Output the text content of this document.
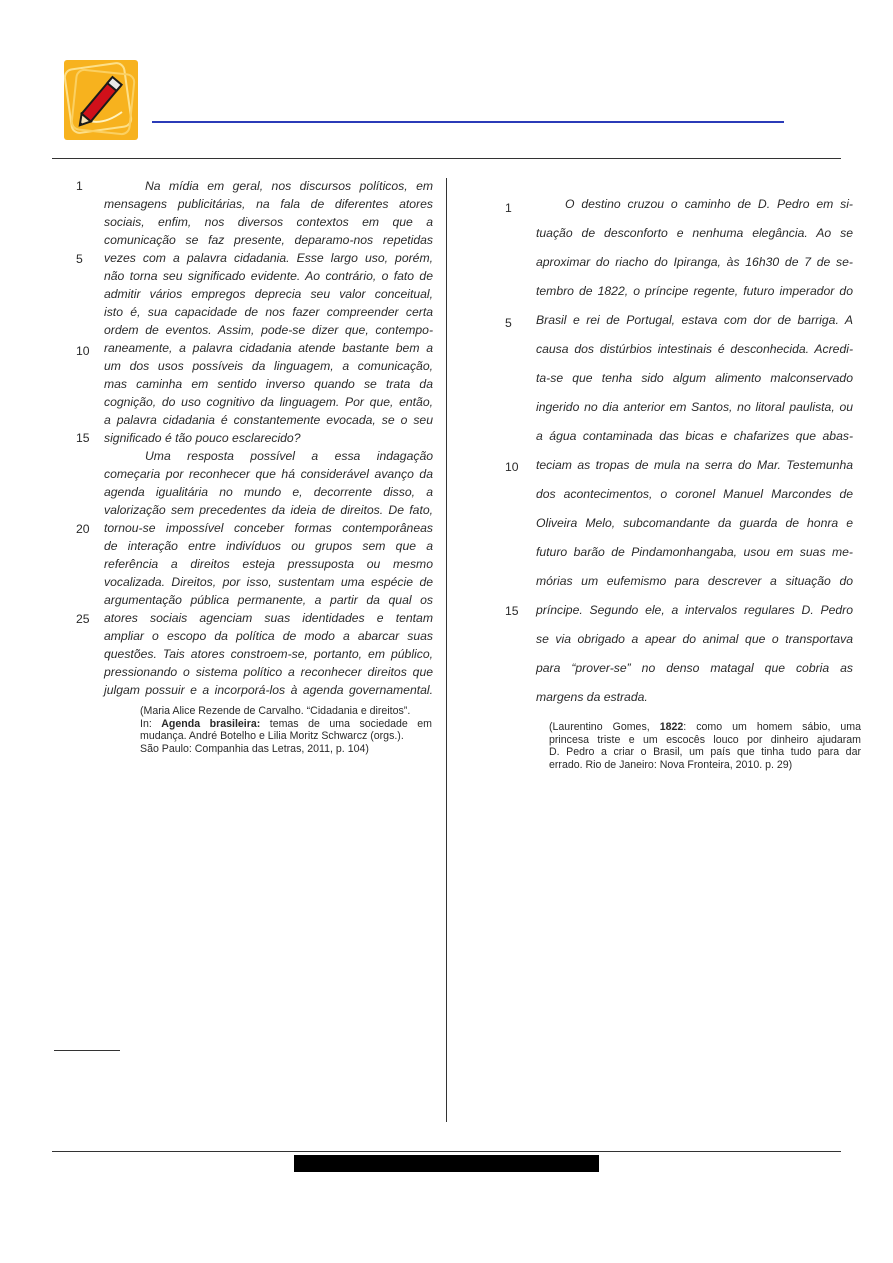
1
5
10
15
20
25
Na mídia em geral, nos discursos políticos, em
mensagens publicitárias, na fala de diferentes atores
sociais, enfim, nos diversos contextos em que a
comunicação se faz presente, deparamo-nos repetidas
vezes com a palavra cidadania. Esse largo uso, porém,
não torna seu significado evidente. Ao contrário, o fato de
admitir vários empregos deprecia seu valor conceitual,
isto é, sua capacidade de nos fazer compreender certa
ordem de eventos. Assim, pode-se dizer que, contempo-
raneamente, a palavra cidadania atende bastante bem a
um dos usos possíveis da linguagem, a comunicação,
mas caminha em sentido inverso quando se trata da
cognição, do uso cognitivo da linguagem. Por que, então,
a palavra cidadania é constantemente evocada, se o seu
significado é tão pouco esclarecido?
Uma resposta possível a essa indagação
começaria por reconhecer que há considerável avanço da
agenda igualitária no mundo e, decorrente disso, a
valorização sem precedentes da ideia de direitos. De fato,
tornou-se impossível conceber formas contemporâneas
de interação entre indivíduos ou grupos sem que a
referência a direitos esteja pressuposta ou mesmo
vocalizada. Direitos, por isso, sustentam uma espécie de
argumentação pública permanente, a partir da qual os
atores sociais agenciam suas identidades e tentam
ampliar o escopo da política de modo a abarcar suas
questões. Tais atores constroem-se, portanto, em público,
pressionando o sistema político a reconhecer direitos que
julgam possuir e a incorporá-los à agenda governamental.
(Maria Alice Rezende de Carvalho. “Cidadania e direitos”.
In: Agenda brasileira: temas de uma sociedade em
mudança. André Botelho e Lilia Moritz Schwarcz (orgs.).
São Paulo: Companhia das Letras, 2011, p. 104)
1
5
10
15
O destino cruzou o caminho de D. Pedro em si-
tuação de desconforto e nenhuma elegância. Ao se
aproximar do riacho do Ipiranga, às 16h30 de 7 de se-
tembro de 1822, o príncipe regente, futuro imperador do
Brasil e rei de Portugal, estava com dor de barriga. A
causa dos distúrbios intestinais é desconhecida. Acredi-
ta-se que tenha sido algum alimento malconservado
ingerido no dia anterior em Santos, no litoral paulista, ou
a água contaminada das bicas e chafarizes que abas-
teciam as tropas de mula na serra do Mar. Testemunha
dos acontecimentos, o coronel Manuel Marcondes de
Oliveira Melo, subcomandante da guarda de honra e
futuro barão de Pindamonhangaba, usou em suas me-
mórias um eufemismo para descrever a situação do
príncipe. Segundo ele, a intervalos regulares D. Pedro
se via obrigado a apear do animal que o transportava
para “prover-se” no denso matagal que cobria as
margens da estrada.
(Laurentino Gomes, 1822: como um homem sábio, uma
princesa triste e um escocês louco por dinheiro ajudaram
D. Pedro a criar o Brasil, um país que tinha tudo para dar
errado. Rio de Janeiro: Nova Fronteira, 2010. p. 29)
